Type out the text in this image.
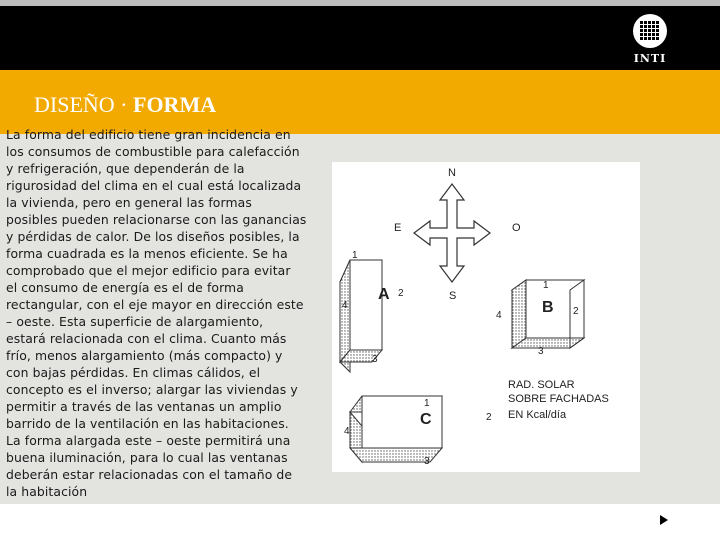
INTI
DISEÑO · FORMA
La forma del edificio tiene gran incidencia en
los consumos de combustible para calefacción
y refrigeración, que dependerán de la
rigurosidad del clima en el cual está localizada
la vivienda, pero en general las formas
posibles pueden relacionarse con las ganancias
y pérdidas de calor. De los diseños posibles, la
forma cuadrada es la menos eficiente. Se ha
comprobado que el mejor edificio para evitar
el consumo de energía es el de forma
rectangular, con el eje mayor en dirección este
– oeste. Esta superficie de alargamiento,
estará relacionada con el clima. Cuanto más
frío, menos alargamiento (más compacto) y
con bajas pérdidas. En climas cálidos, el
concepto es el inverso; alargar las viviendas y
permitir a través de las ventanas un amplio
barrido de la ventilación en las habitaciones.
La forma alargada este – oeste permitirá una
buena iluminación, para lo cual las ventanas
deberán estar relacionadas con el tamaño de
la habitación
N
S
E	O
1
2
3
4
A
1
2
3
4	B
1
2
3
4
C
RAD. SOLAR
SOBRE FACHADAS
EN Kcal/día
